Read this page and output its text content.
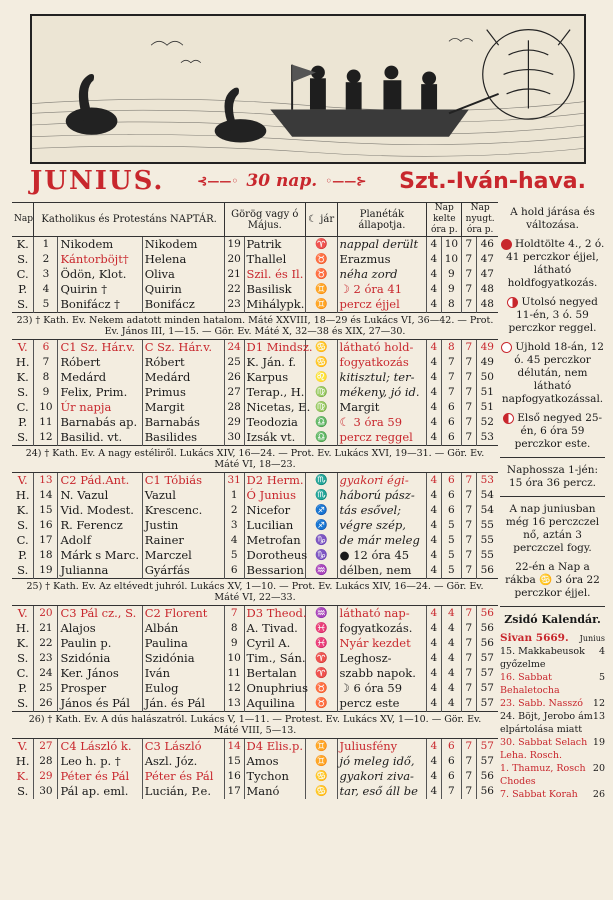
JUNIUS.	⊰——◦ 30 nap. ◦——⊱ Szt.-Iván-hava.
Nap	Katholikus és Protestáns NAPTÁR.			Görög vagy ó Május.		☾ jár	Planéták állapotja.	Nap kelte óra p.		Nap nyugt. óra p.	
K.	1	Nikodem	Nikodem	19	Patrik	♈	nappal derült	4	10	7	46
S.	2	Kántorböjt†	Helena	20	Thallel	♉	Erazmus	4	10	7	47
C.	3	Ödön, Klot.	Oliva	21	Szil. és Il.	♉	néha zord	4	9	7	47
P.	4	Quirin †	Quirin	22	Basilisk	♊	☽ 2 óra 41	4	9	7	48
S.	5	Bonifácz †	Bonifácz	23	Mihálypk.	♊	percz éjjel	4	8	7	48
23) † Kath. Ev. Nekem adatott minden hatalom. Máté XXVIII, 18—29 és Lukács VI, 36—42. — Prot. Ev. János III, 1—15. — Gör. Ev. Máté X, 32—38 és XIX, 27—30.											
V.	6	C1 Sz. Hár.v.	C Sz. Hár.v.	24	D1 Mindsz.	♋	látható hold-	4	8	7	49
H.	7	Róbert	Róbert	25	K. Ján. f.	♋	fogyatkozás	4	7	7	49
K.	8	Medárd	Medárd	26	Karpus	♌	kitisztul; ter-	4	7	7	50
S.	9	Felix, Prim.	Primus	27	Terap., H.	♍	mékeny, jó id.	4	7	7	51
C.	10	Úr napja	Margit	28	Nicetas, E.	♍	Margit	4	6	7	51
P.	11	Barnabás ap.	Barnabás	29	Teodozia	♎	☾ 3 óra 59	4	6	7	52
S.	12	Basilid. vt.	Basilides	30	Izsák vt.	♎	percz reggel	4	6	7	53
24) † Kath. Ev. A nagy estéliről. Lukács XIV, 16—24. — Prot. Ev. Lukács XVI, 19—31. — Gör. Ev. Máté VI, 18—23.											
V.	13	C2 Pád.Ant.	C1 Tóbiás	31	D2 Herm.	♏	gyakori égi-	4	6	7	53
H.	14	N. Vazul	Vazul	1	Ó Junius	♏	háború pász-	4	6	7	54
K.	15	Vid. Modest.	Krescenc.	2	Nicefor	♐	tás esővel;	4	6	7	54
S.	16	R. Ferencz	Justin	3	Lucilian	♐	végre szép,	4	5	7	55
C.	17	Adolf	Rainer	4	Metrofan	♑	de már meleg	4	5	7	55
P.	18	Márk s Marc.	Marczel	5	Dorotheus	♑	● 12 óra 45	4	5	7	55
S.	19	Julianna	Gyárfás	6	Bessarion	♒	délben, nem	4	5	7	56
25) † Kath. Ev. Az eltévedt juhról. Lukács XV, 1—10. — Prot. Ev. Lukács XIV, 16—24. — Gör. Ev. Máté VI, 22—33.											
V.	20	C3 Pál cz., S.	C2 Florent	7	D3 Theod.	♒	látható nap-	4	4	7	56
H.	21	Alajos	Albán	8	A. Tivad.	♓	fogyatkozás.	4	4	7	56
K.	22	Paulin p.	Paulina	9	Cyril A.	♓	Nyár kezdet	4	4	7	56
S.	23	Szidónia	Szidónia	10	Tim., Sán.	♈	Leghosz-	4	4	7	57
C.	24	Ker. János	Iván	11	Bertalan	♈	szabb napok.	4	4	7	57
P.	25	Prosper	Eulog	12	Onuphrius	♉	☽ 6 óra 59	4	4	7	57
S.	26	János és Pál	Ján. és Pál	13	Aquilina	♉	percz este	4	4	7	57
26) † Kath. Ev. A dús halászatról. Lukács V, 1—11. — Protest. Ev. Lukács XV, 1—10. — Gör. Ev. Máté VIII, 5—13.											
V.	27	C4 László k.	C3 László	14	D4 Elis.p.	♊	Juliusfény	4	6	7	57
H.	28	Leo h. p. †	Aszl. Józ.	15	Amos	♊	jó meleg idő,	4	6	7	57
K.	29	Péter és Pál	Péter és Pál	16	Tychon	♋	gyakori ziva-	4	6	7	56
S.	30	Pál ap. eml.	Lucián, P.e.	17	Manó	♋	tar, eső áll be	4	7	7	56

A hold járása és változása.

Holdtölte 4., 2 ó. 41 perczkor éjjel, látható holdfogyatkozás.

Utolsó negyed 11-én, 3 ó. 59 perczkor reggel.

Ujhold 18-án, 12 ó. 45 perczkor délután, nem látható napfogyatkozással.

Első negyed 25-én, 6 óra 59 perczkor este.

Naphossza 1-jén: 15 óra 36 percz.

A nap juniusban még 16 perczczel nő, aztán 3 perczczel fogy.

22-én a Nap a rákba ♋ 3 óra 22 perczkor éjjel.

Zsidó Kalendár.

Sivan 5669. Junius
15. Makkabeusok győzelme
4
16. Sabbat Behaletocha
5
23. Sabb. Nasszó 12
24. Böjt, Jerobo ám elpártolása miatt
13
30. Sabbat Selach Leha. Rosch.
19
1. Thamuz, Rosch Chodes
20
7. Sabbat Korah 26
